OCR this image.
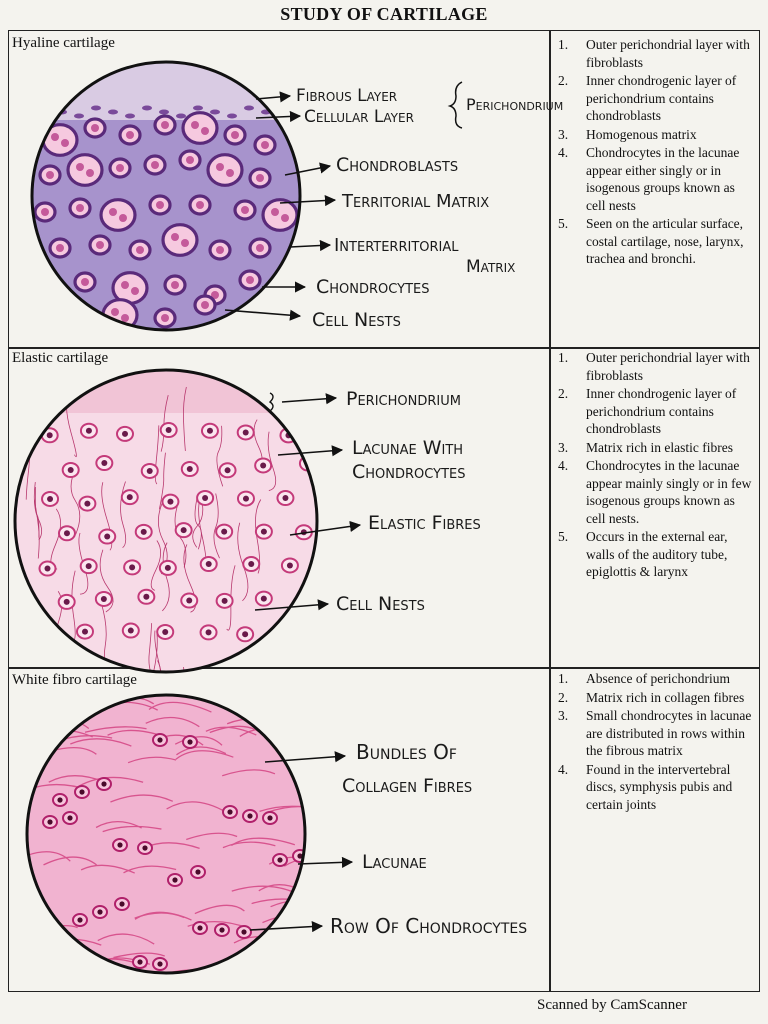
STUDY OF CARTILAGE
Hyaline cartilage
Elastic cartilage
White fibro cartilage
1. Outer perichondrial layer with fibroblasts
2. Inner chondrogenic layer of perichondrium contains chondroblasts
3. Homogenous matrix
4. Chondrocytes in the lacunae appear either singly or in isogenous groups known as cell nests
5. Seen on the articular surface, costal cartilage, nose, larynx, trachea and bronchi.
1. Outer perichondrial layer with fibroblasts
2. Inner chondrogenic layer of perichondrium contains chondroblasts
3. Matrix rich in elastic fibres
4. Chondrocytes in the lacunae appear mainly singly or in few isogenous groups known as cell nests.
5. Occurs in the external ear, walls of the auditory tube, epiglottis & larynx
1. Absence of perichondrium
2. Matrix rich in collagen fibres
3. Small chondrocytes in lacunae are distributed in rows within the fibrous matrix
4. Found in the intervertebral discs, symphysis pubis and certain joints
Fibrous Layer
Cellular Layer
Perichondrium
Chondroblasts
Territorial Matrix
Interterritorial
Matrix
Chondrocytes
Cell Nests
Perichondrium
Lacunae With
Chondrocytes
Elastic Fibres
Cell Nests
Bundles Of
Collagen Fibres
Lacunae
Row Of Chondrocytes
Scanned by CamScanner
